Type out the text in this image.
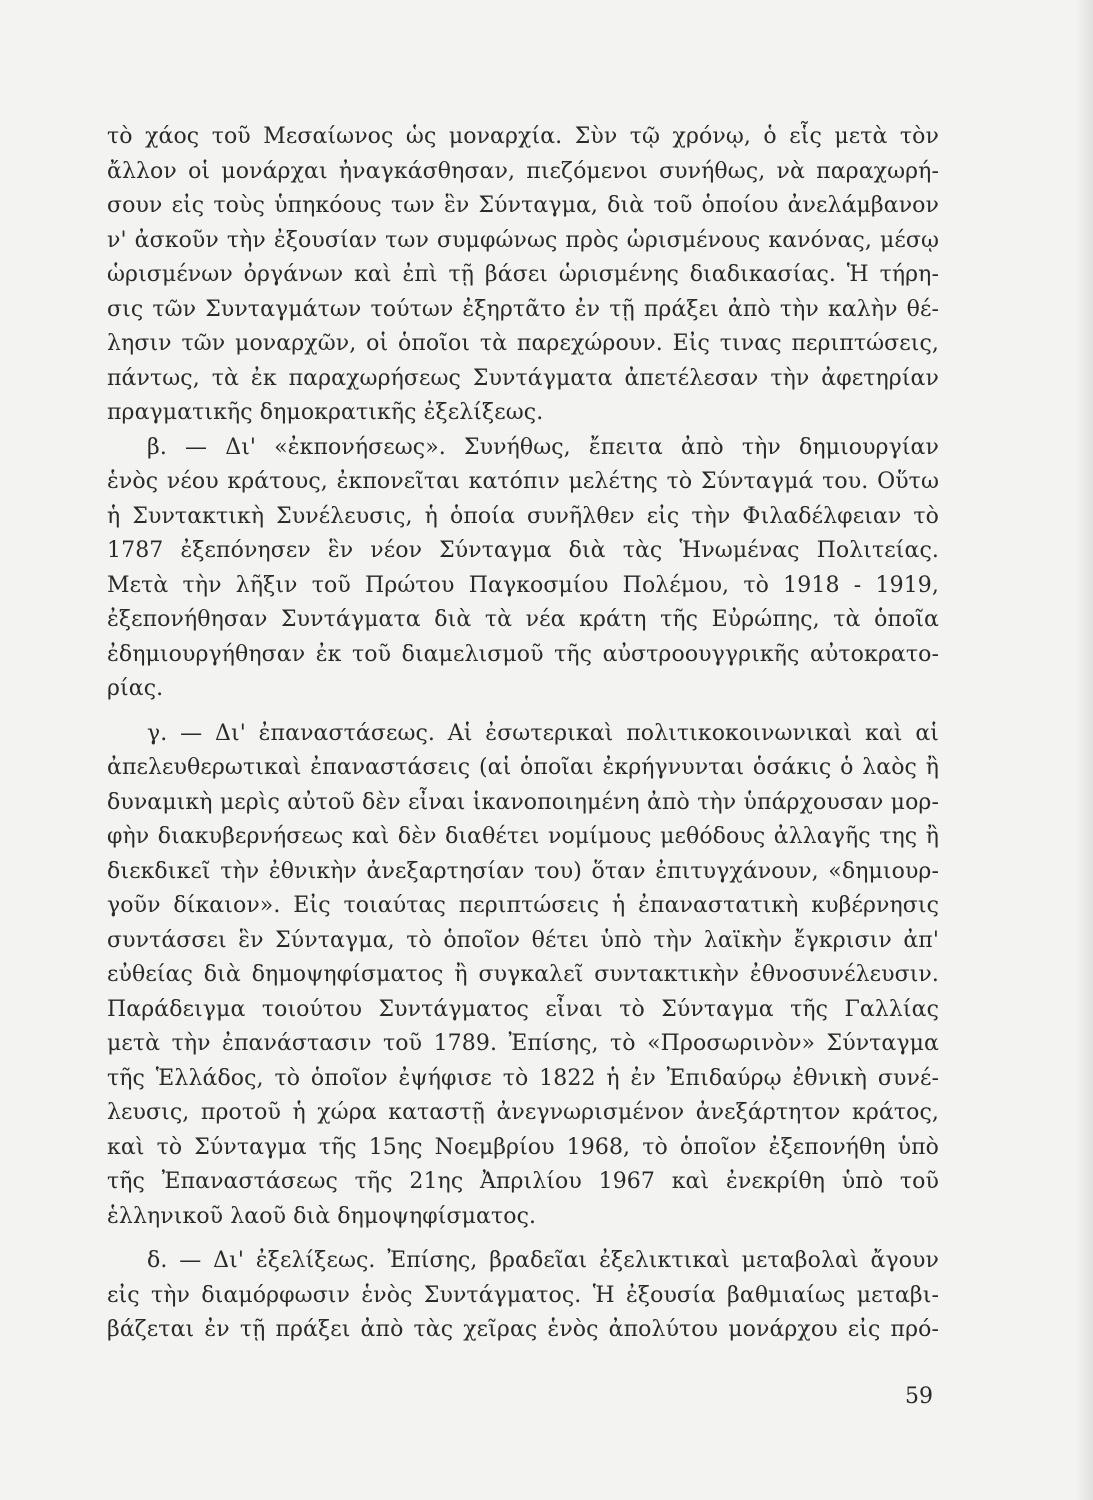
τὸ χάος τοῦ Μεσαίωνος ὡς μοναρχία. Σὺν τῷ χρόνῳ, ὁ εἷς μετὰ τὸν
ἄλλον οἱ μονάρχαι ἠναγκάσθησαν, πιεζόμενοι συνήθως, νὰ παραχωρή-
σουν εἰς τοὺς ὑπηκόους των ἓν Σύνταγμα, διὰ τοῦ ὁποίου ἀνελάμβανον
ν' ἀσκοῦν τὴν ἐξουσίαν των συμφώνως πρὸς ὡρισμένους κανόνας, μέσῳ
ὡρισμένων ὀργάνων καὶ ἐπὶ τῇ βάσει ὡρισμένης διαδικασίας. Ἡ τήρη-
σις τῶν Συνταγμάτων τούτων ἐξηρτᾶτο ἐν τῇ πράξει ἀπὸ τὴν καλὴν θέ-
λησιν τῶν μοναρχῶν, οἱ ὁποῖοι τὰ παρεχώρουν. Εἰς τινας περιπτώσεις,
πάντως, τὰ ἐκ παραχωρήσεως Συντάγματα ἀπετέλεσαν τὴν ἀφετηρίαν
πραγματικῆς δημοκρατικῆς ἐξελίξεως.
β. — Δι' «ἐκπονήσεως». Συνήθως, ἔπειτα ἀπὸ τὴν δημιουργίαν
ἑνὸς νέου κράτους, ἐκπονεῖται κατόπιν μελέτης τὸ Σύνταγμά του. Οὕτω
ἡ Συντακτικὴ Συνέλευσις, ἡ ὁποία συνῆλθεν εἰς τὴν Φιλαδέλφειαν τὸ
1787 ἐξεπόνησεν ἓν νέον Σύνταγμα διὰ τὰς Ἡνωμένας Πολιτείας.
Μετὰ τὴν λῆξιν τοῦ Πρώτου Παγκοσμίου Πολέμου, τὸ 1918 - 1919,
ἐξεπονήθησαν Συντάγματα διὰ τὰ νέα κράτη τῆς Εὐρώπης, τὰ ὁποῖα
ἐδημιουργήθησαν ἐκ τοῦ διαμελισμοῦ τῆς αὐστροουγγρικῆς αὐτοκρατο-
ρίας.
γ. — Δι' ἐπαναστάσεως. Αἱ ἐσωτερικαὶ πολιτικοκοινωνικαὶ καὶ αἱ
ἀπελευθερωτικαὶ ἐπαναστάσεις (αἱ ὁποῖαι ἐκρήγνυνται ὁσάκις ὁ λαὸς ἢ
δυναμικὴ μερὶς αὐτοῦ δὲν εἶναι ἱκανοποιημένη ἀπὸ τὴν ὑπάρχουσαν μορ-
φὴν διακυβερνήσεως καὶ δὲν διαθέτει νομίμους μεθόδους ἀλλαγῆς της ἢ
διεκδικεῖ τὴν ἐθνικὴν ἀνεξαρτησίαν του) ὅταν ἐπιτυγχάνουν, «δημιουρ-
γοῦν δίκαιον». Εἰς τοιαύτας περιπτώσεις ἡ ἐπαναστατικὴ κυβέρνησις
συντάσσει ἓν Σύνταγμα, τὸ ὁποῖον θέτει ὑπὸ τὴν λαϊκὴν ἔγκρισιν ἀπ'
εὐθείας διὰ δημοψηφίσματος ἢ συγκαλεῖ συντακτικὴν ἐθνοσυνέλευσιν.
Παράδειγμα τοιούτου Συντάγματος εἶναι τὸ Σύνταγμα τῆς Γαλλίας
μετὰ τὴν ἐπανάστασιν τοῦ 1789. Ἐπίσης, τὸ «Προσωρινὸν» Σύνταγμα
τῆς Ἑλλάδος, τὸ ὁποῖον ἐψήφισε τὸ 1822 ἡ ἐν Ἐπιδαύρῳ ἐθνικὴ συνέ-
λευσις, προτοῦ ἡ χώρα καταστῇ ἀνεγνωρισμένον ἀνεξάρτητον κράτος,
καὶ τὸ Σύνταγμα τῆς 15ης Νοεμβρίου 1968, τὸ ὁποῖον ἐξεπονήθη ὑπὸ
τῆς Ἐπαναστάσεως τῆς 21ης Ἀπριλίου 1967 καὶ ἐνεκρίθη ὑπὸ τοῦ
ἑλληνικοῦ λαοῦ διὰ δημοψηφίσματος.
δ. — Δι' ἐξελίξεως. Ἐπίσης, βραδεῖαι ἐξελικτικαὶ μεταβολαὶ ἄγουν
εἰς τὴν διαμόρφωσιν ἑνὸς Συντάγματος. Ἡ ἐξουσία βαθμιαίως μεταβι-
βάζεται ἐν τῇ πράξει ἀπὸ τὰς χεῖρας ἑνὸς ἀπολύτου μονάρχου εἰς πρό-
59
